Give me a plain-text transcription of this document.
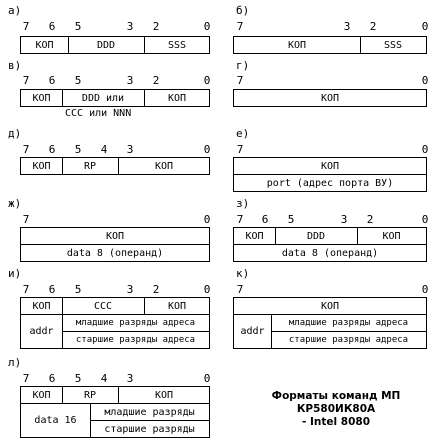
а)
7 6 5	3 2	0
КОП	DDD	SSS
б)
7	3 2	0
КОП	SSS
в)
7 6 5	3 2	0
КОП	DDD или	КОП
CCC или NNN
г)
7	0
КОП
д)
7 6 5 4 3	0
КОП	RP	КОП
е)
7	0
КОП
port (адрес порта ВУ)
ж)
7	0
КОП
data 8 (операнд)
з)
7 6 5	3 2	0
КОП	DDD	КОП
data 8 (операнд)
и)
7 6 5	3 2	0
КОП	CCC	КОП
addr
младшие разряды адреса
старшие разряды адреса
к)
7	0
КОП
addr
младшие разряды адреса
старшие разряды адреса
л)
7 6 5 4 3	0
КОП	RP	КОП
data 16
младшие разряды
старшие разряды
Форматы команд МП
КР580ИК80А
- Intel 8080
